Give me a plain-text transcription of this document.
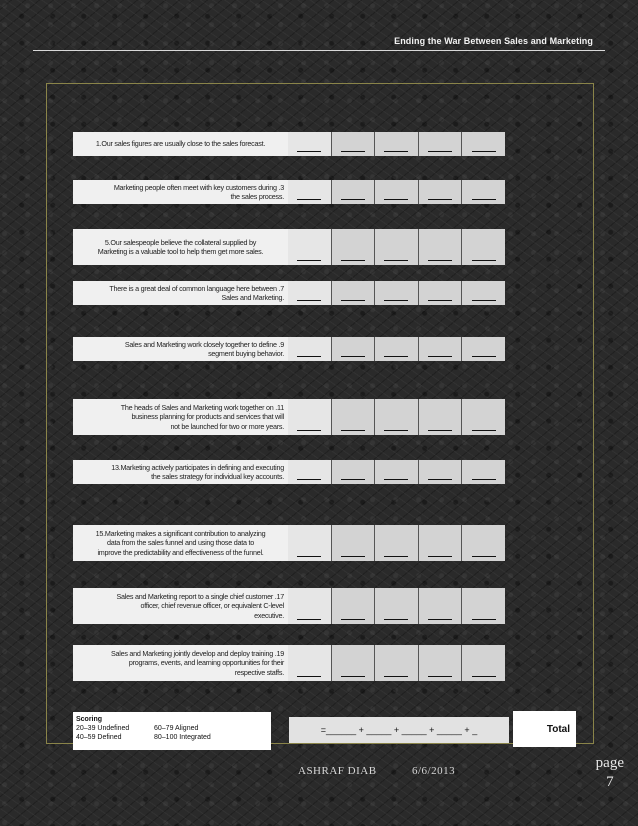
Ending the War Between Sales and Marketing
1.Our sales figures are usually close to the sales forecast.
Marketing people often meet with key customers during .3
the sales process.
5.Our salespeople believe the collateral supplied by
Marketing is a valuable tool to help them get more sales.
There is a great deal of common language here between .7
Sales and Marketing.
Sales and Marketing work closely together to define .9
segment buying behavior.
The heads of Sales and Marketing work together on .11
business planning for products and services that will
not be launched for two or more years.
13.Marketing actively participates in defining and executing
the sales strategy for individual key accounts.
15.Marketing makes a significant contribution to analyzing
data from the sales funnel and using those data to
improve the predictability and effectiveness of the funnel.
Sales and Marketing report to a single chief customer .17
officer, chief revenue officer, or equivalent C-level
executive.
Sales and Marketing jointly develop and deploy training .19
programs, events, and learning opportunities for their
respective staffs.
Scoring
20–39 Undefined
40–59 Defined
60–79 Aligned
80–100 Integrated
=______ + _____ + _____ + _____ + _	Total
ASHRAF DIAB	6/6/2013	page
7
